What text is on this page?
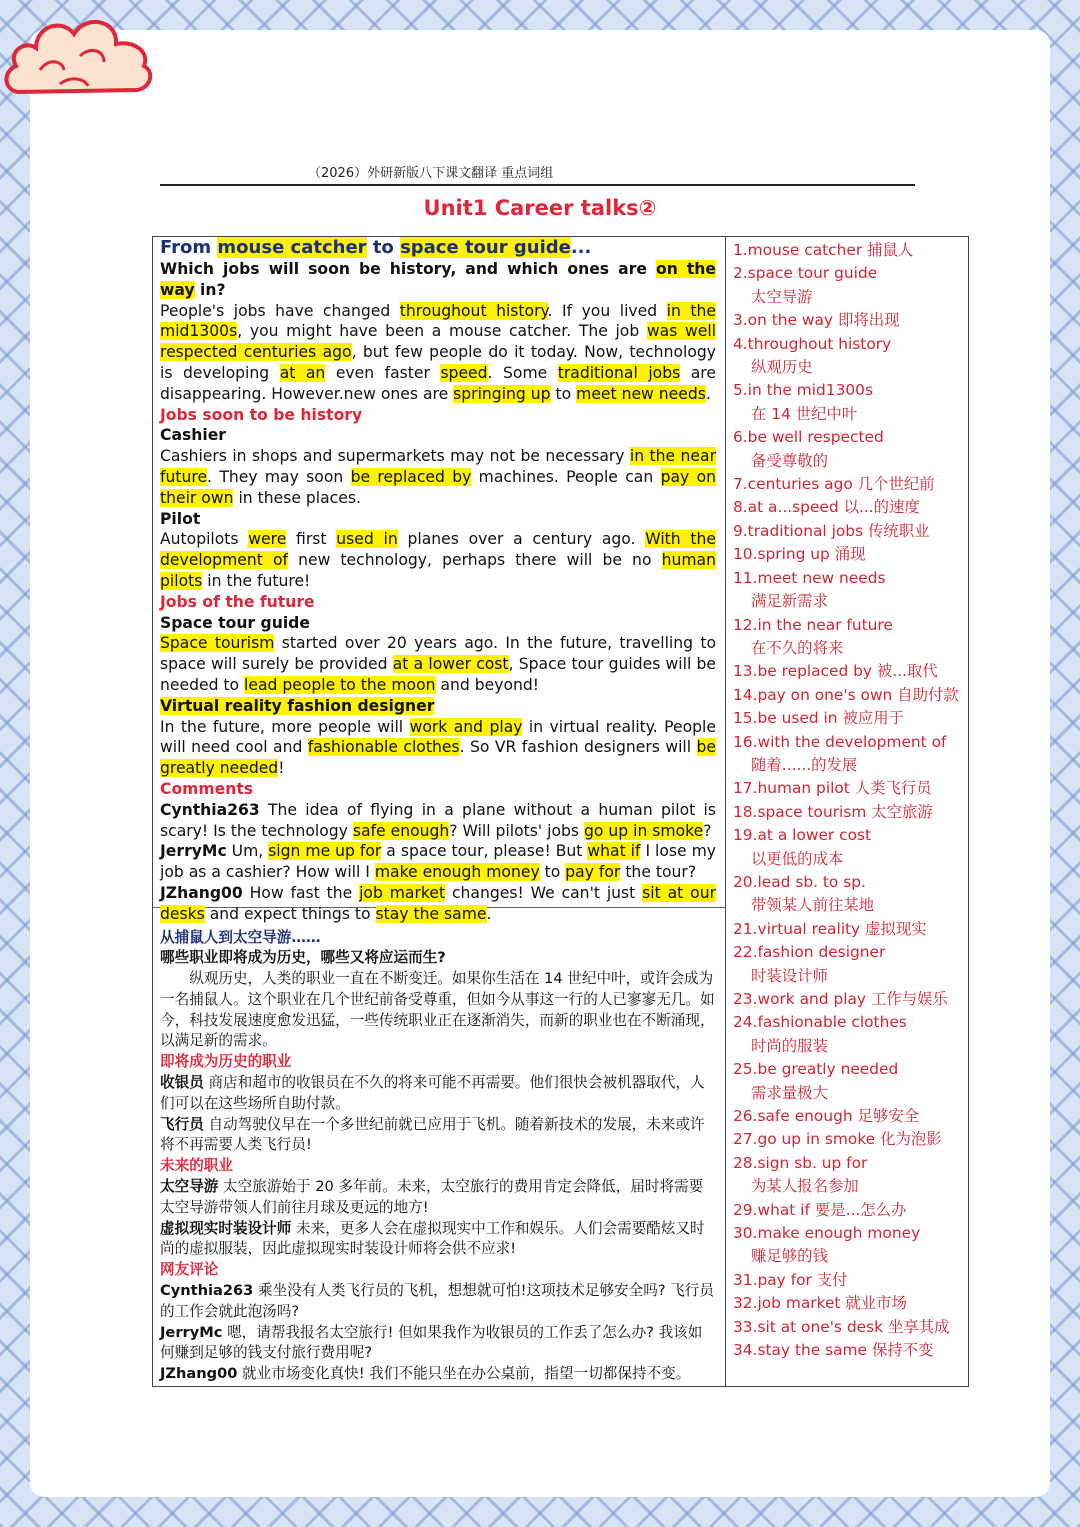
（2026）外研新版八下课文翻译 重点词组
Unit1 Career talks②

From mouse catcher to space tour guide...

Which jobs will soon be history, and which ones are on the way in?

People's jobs have changed throughout history. If you lived in the mid1300s, you might have been a mouse catcher. The job was well respected centuries ago, but few people do it today. Now, technology is developing at an even faster speed. Some traditional jobs are disappearing. However.new ones are springing up to meet new needs.

Jobs soon to be history

Cashier

Cashiers in shops and supermarkets may not be necessary in the near future. They may soon be replaced by machines. People can pay on their own in these places.

Pilot

Autopilots were first used in planes over a century ago. With the development of new technology, perhaps there will be no human pilots in the future!

Jobs of the future

Space tour guide

Space tourism started over 20 years ago. In the future, travelling to space will surely be provided at a lower cost, Space tour guides will be needed to lead people to the moon and beyond!

Virtual reality fashion designer

In the future, more people will work and play in virtual reality. People will need cool and fashionable clothes. So VR fashion designers will be greatly needed!

Comments

Cynthia263 The idea of flying in a plane without a human pilot is scary! Is the technology safe enough? Will pilots' jobs go up in smoke?

JerryMc Um, sign me up for a space tour, please! But what if I lose my job as a cashier? How will I make enough money to pay for the tour?

JZhang00 How fast the job market changes! We can't just sit at our desks and expect things to stay the same.

从捕鼠人到太空导游……

哪些职业即将成为历史，哪些又将应运而生?

纵观历史，人类的职业一直在不断变迁。如果你生活在 14 世纪中叶，或许会成为一名捕鼠人。这个职业在几个世纪前备受尊重，但如今从事这一行的人已寥寥无几。如今，科技发展速度愈发迅猛，一些传统职业正在逐渐消失，而新的职业也在不断涌现，以满足新的需求。

即将成为历史的职业

收银员 商店和超市的收银员在不久的将来可能不再需要。他们很快会被机器取代，人们可以在这些场所自助付款。

飞行员 自动驾驶仪早在一个多世纪前就已应用于飞机。随着新技术的发展，未来或许将不再需要人类飞行员!

未来的职业

太空导游 太空旅游始于 20 多年前。未来，太空旅行的费用肯定会降低，届时将需要太空导游带领人们前往月球及更远的地方!

虚拟现实时装设计师 未来，更多人会在虚拟现实中工作和娱乐。人们会需要酷炫又时尚的虚拟服装，因此虚拟现实时装设计师将会供不应求!

网友评论

Cynthia263 乘坐没有人类飞行员的飞机，想想就可怕!这项技术足够安全吗? 飞行员的工作会就此泡汤吗?

JerryMc 嗯，请帮我报名太空旅行! 但如果我作为收银员的工作丢了怎么办? 我该如何赚到足够的钱支付旅行费用呢?

JZhang00 就业市场变化真快! 我们不能只坐在办公桌前，指望一切都保持不变。

1.mouse catcher 捕鼠人
2.space tour guide
太空导游
3.on the way 即将出现
4.throughout history
纵观历史
5.in the mid1300s
在 14 世纪中叶
6.be well respected
备受尊敬的
7.centuries ago 几个世纪前
8.at a...speed 以...的速度
9.traditional jobs 传统职业
10.spring up 涌现
11.meet new needs
满足新需求
12.in the near future
在不久的将来
13.be replaced by 被...取代
14.pay on one's own 自助付款
15.be used in 被应用于
16.with the development of
随着......的发展
17.human pilot 人类飞行员
18.space tourism 太空旅游
19.at a lower cost
以更低的成本
20.lead sb. to sp.
带领某人前往某地
21.virtual reality 虚拟现实
22.fashion designer
时装设计师
23.work and play 工作与娱乐
24.fashionable clothes
时尚的服装
25.be greatly needed
需求量极大
26.safe enough 足够安全
27.go up in smoke 化为泡影
28.sign sb. up for
为某人报名参加
29.what if 要是...怎么办
30.make enough money
赚足够的钱
31.pay for 支付
32.job market 就业市场
33.sit at one's desk 坐享其成
34.stay the same 保持不变
